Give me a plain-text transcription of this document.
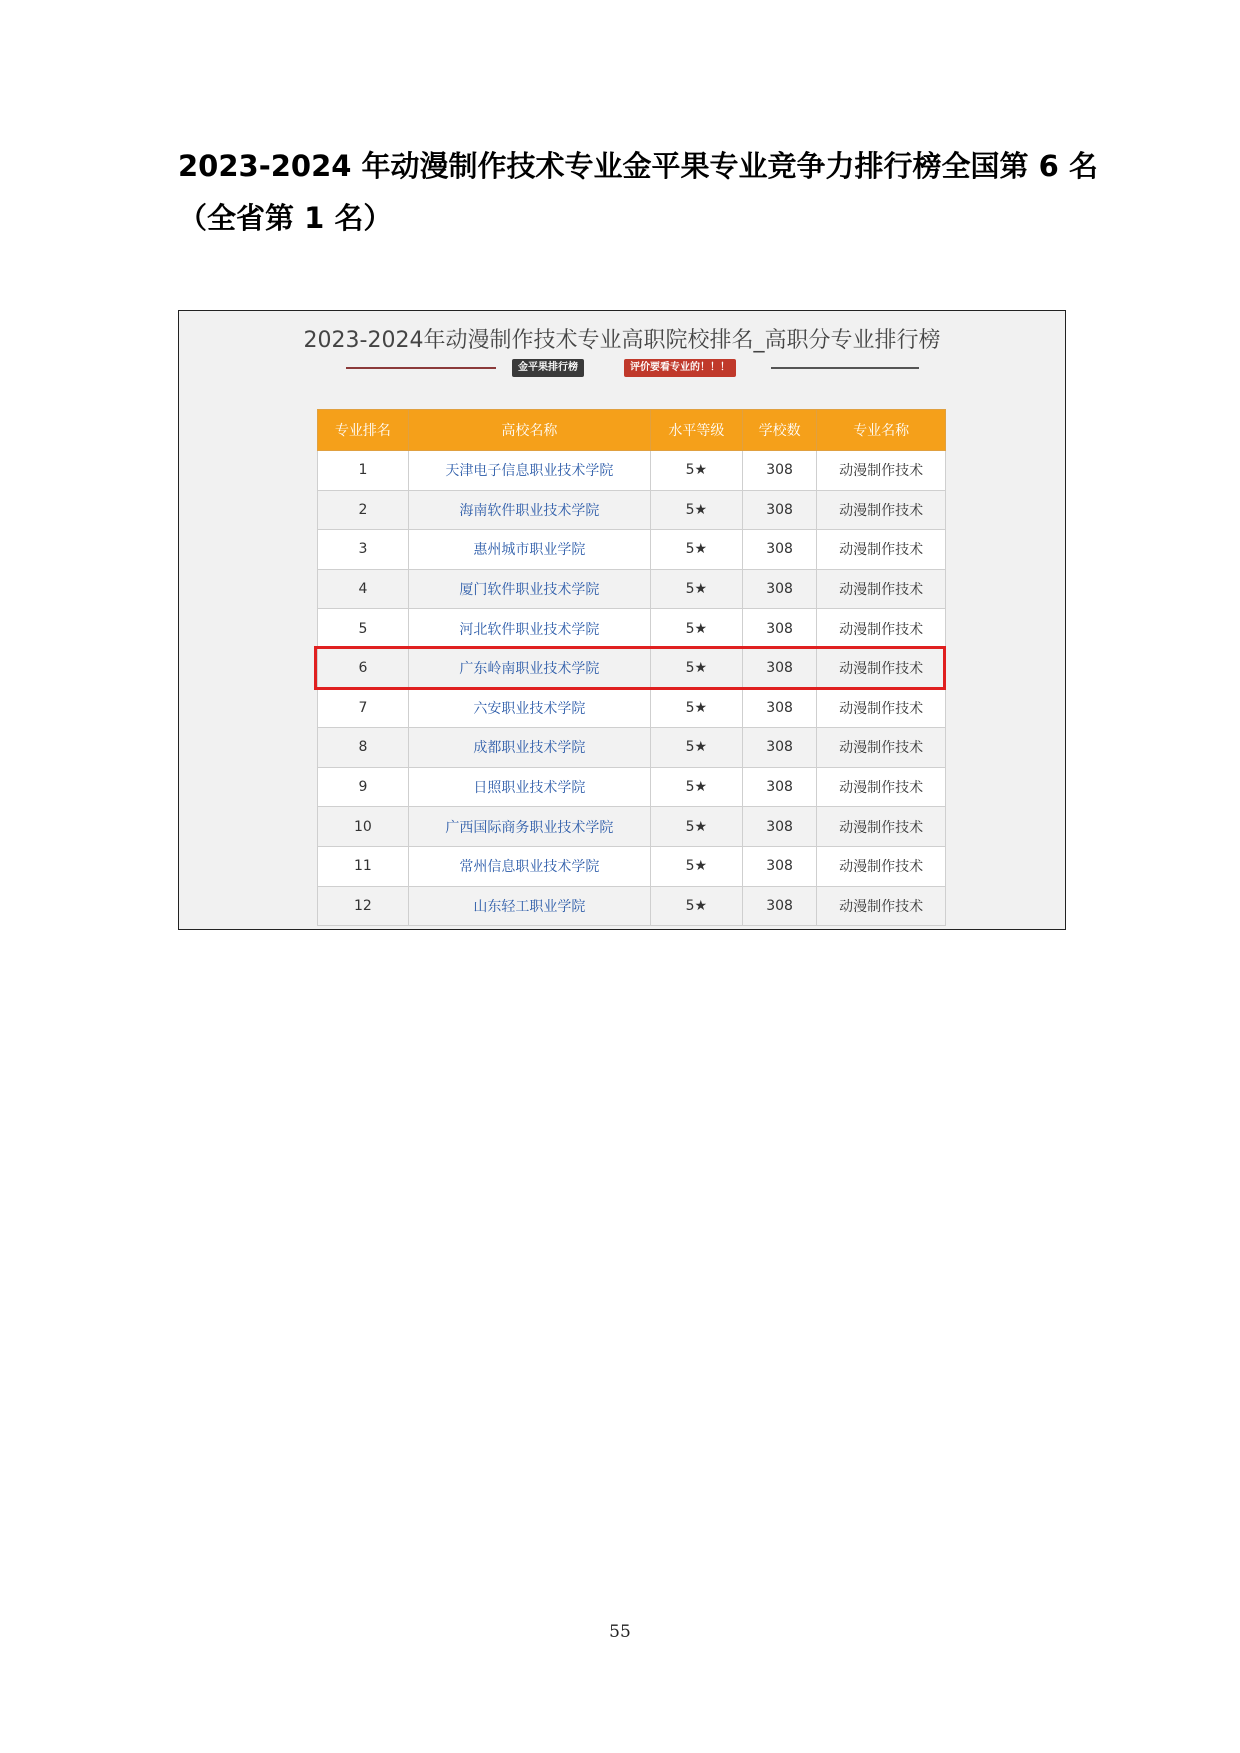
2023-2024 年动漫制作技术专业金平果专业竞争力排行榜全国第 6 名
（全省第 1 名）
2023-2024年动漫制作技术专业高职院校排名_高职分专业排行榜
金平果排行榜	评价要看专业的！！！
专业排名	高校名称	水平等级	学校数	专业名称
1	天津电子信息职业技术学院	5★	308	动漫制作技术
2	海南软件职业技术学院	5★	308	动漫制作技术
3	惠州城市职业学院	5★	308	动漫制作技术
4	厦门软件职业技术学院	5★	308	动漫制作技术
5	河北软件职业技术学院	5★	308	动漫制作技术
6	广东岭南职业技术学院	5★	308	动漫制作技术
7	六安职业技术学院	5★	308	动漫制作技术
8	成都职业技术学院	5★	308	动漫制作技术
9	日照职业技术学院	5★	308	动漫制作技术
10	广西国际商务职业技术学院	5★	308	动漫制作技术
11	常州信息职业技术学院	5★	308	动漫制作技术
12	山东轻工职业学院	5★	308	动漫制作技术
55
